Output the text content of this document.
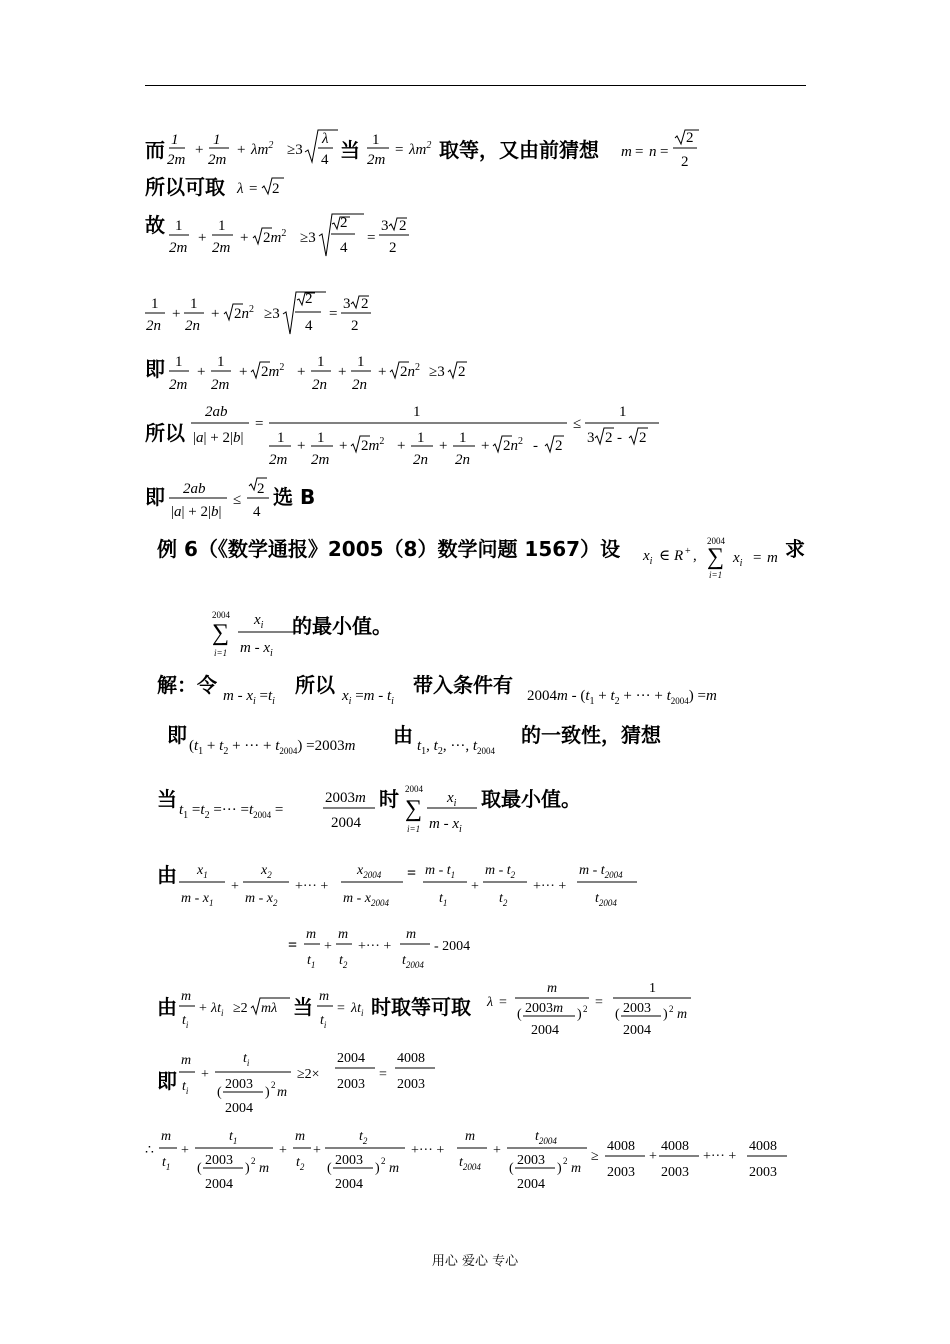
而 1
2m
+
1
2m
+ $\lambda m^2 \ge 3$
λ
4 当 1
2m
= $\lambda m^2$ 取等，又由前猜想 m = n =
2
2
所以可取 λ = 2
故 1
2m
+
1
2m
+ $2m^2 \ge 3$
2
4
=
3 2
2
1
2n
+
1
2n
+ $2n^2 \ge 3$
2
4
=
3 2
2
即 1
2m
+
1
2m
+ $2m^2$ +
1
2n
+
1
2n
+ $2n^2 \ge 3$ 2
所以
2ab
|a| + 2|b|
=
1
1
2m
+ 1
2m
+ $2m^2 + 1$
2n
+ 1
2n
+ $2n^2 - 2$
≤
1
3 2 - 2
即 2ab
|a| + 2|b|
≤
2
4
选 B
例 6（《数学通报》2005（8）数学问题 1567）设 $x_i$ ∈ R + ,
2004
∑
i=1
$x_i = m$ 求
2004
∑
i=1
$x_i$
m - $x_i$
的最小值。
解：令 $m - x_i =t_i$
所以 $x_i =m - t_i$
带入条件有 $2004m - (t_1 + t_2$ + ··· + $t_{2004}) =m$
即 ($t_1 + t_2$ + ··· + $t_{2004}) =2003m$ 由 $t_1$, $t_2$, ···, $t_{2004}$
的一致性，猜想
当 $t_1 =t_2$ =··· $=t_{2004}$ =
2003m
2004
时 2004
∑
i=1
$x_i$
m - $x_i$
取最小值。
由 $x_1$
m - $x_1$
+
$x_2$
m - $x_2$
+··· +
$x_{2004}$
m - $x_{2004}$
= m - $t_1$
$t_1$
+
m - $t_2$
$t_2$
+··· +
m - $t_{2004}$
$t_{2004}$
=
m
$t_1$
+
m
$t_2$
+··· +
m
$t_{2004}$
- 2004
由 m
$t_i$
+ $\lambda t_i \ge 2$ mλ 当 m
$t_i$
= $\lambda t_i$ 时取等可取 λ =
m
( 2003m
2004
) 2 =
1
( 2003
2004
) 2 m
即
m
$t_i$
+
$t_i$
(
2003
2004
) 2 m
≥2×
2004
2003
=
4008
2003
∴
m
$t_1$
+
$t_1$
(
2003
2004
) 2 m
+
m
$t_2$
+
$t_2$
(
2003
2004
) 2 m
+··· +
m
$t_{2004}$
+
$t_{2004}$
(
2003
2004
) 2 m
≥
4008
2003
+
4008
2003
+··· +
4008
2003
用心 爱心 专心
